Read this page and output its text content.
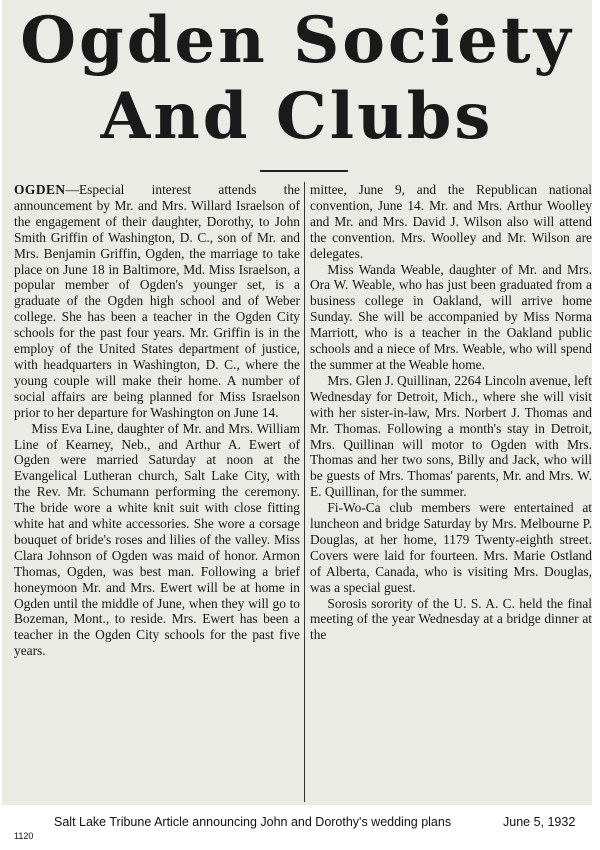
Ogden Society
And Clubs

OGDEN—Especial interest attends the announcement by Mr. and Mrs. Willard Israelson of the engagement of their daughter, Dorothy, to John Smith Griffin of Washington, D. C., son of Mr. and Mrs. Benjamin Griffin, Ogden, the marriage to take place on June 18 in Baltimore, Md. Miss Israelson, a popular member of Ogden's younger set, is a graduate of the Ogden high school and of Weber college. She has been a teacher in the Ogden City schools for the past four years. Mr. Griffin is in the employ of the United States department of justice, with headquarters in Washington, D. C., where the young couple will make their home. A number of social affairs are being planned for Miss Israelson prior to her departure for Washington on June 14.

Miss Eva Line, daughter of Mr. and Mrs. William Line of Kearney, Neb., and Arthur A. Ewert of Ogden were married Saturday at noon at the Evangelical Lutheran church, Salt Lake City, with the Rev. Mr. Schumann performing the ceremony. The bride wore a white knit suit with close fitting white hat and white accessories. She wore a corsage bouquet of bride's roses and lilies of the valley. Miss Clara Johnson of Ogden was maid of honor. Armon Thomas, Ogden, was best man. Following a brief honeymoon Mr. and Mrs. Ewert will be at home in Ogden until the middle of June, when they will go to Bozeman, Mont., to reside. Mrs. Ewert has been a teacher in the Ogden City schools for the past five years.

mittee, June 9, and the Republican national convention, June 14. Mr. and Mrs. Arthur Woolley and Mr. and Mrs. David J. Wilson also will attend the convention. Mrs. Woolley and Mr. Wilson are delegates.

Miss Wanda Weable, daughter of Mr. and Mrs. Ora W. Weable, who has just been graduated from a business college in Oakland, will arrive home Sunday. She will be accompanied by Miss Norma Marriott, who is a teacher in the Oakland public schools and a niece of Mrs. Weable, who will spend the summer at the Weable home.

Mrs. Glen J. Quillinan, 2264 Lincoln avenue, left Wednesday for Detroit, Mich., where she will visit with her sister-in-law, Mrs. Norbert J. Thomas and Mr. Thomas. Following a month's stay in Detroit, Mrs. Quillinan will motor to Ogden with Mrs. Thomas and her two sons, Billy and Jack, who will be guests of Mrs. Thomas' parents, Mr. and Mrs. W. E. Quillinan, for the summer.

Fi-Wo-Ca club members were entertained at luncheon and bridge Saturday by Mrs. Melbourne P. Douglas, at her home, 1179 Twenty-eighth street. Covers were laid for fourteen. Mrs. Marie Ostland of Alberta, Canada, who is visiting Mrs. Douglas, was a special guest.

Sorosis sorority of the U. S. A. C. held the final meeting of the year Wednesday at a bridge dinner at the

Salt Lake Tribune Article announcing John and Dorothy's wedding plans	June 5, 1932
1120
